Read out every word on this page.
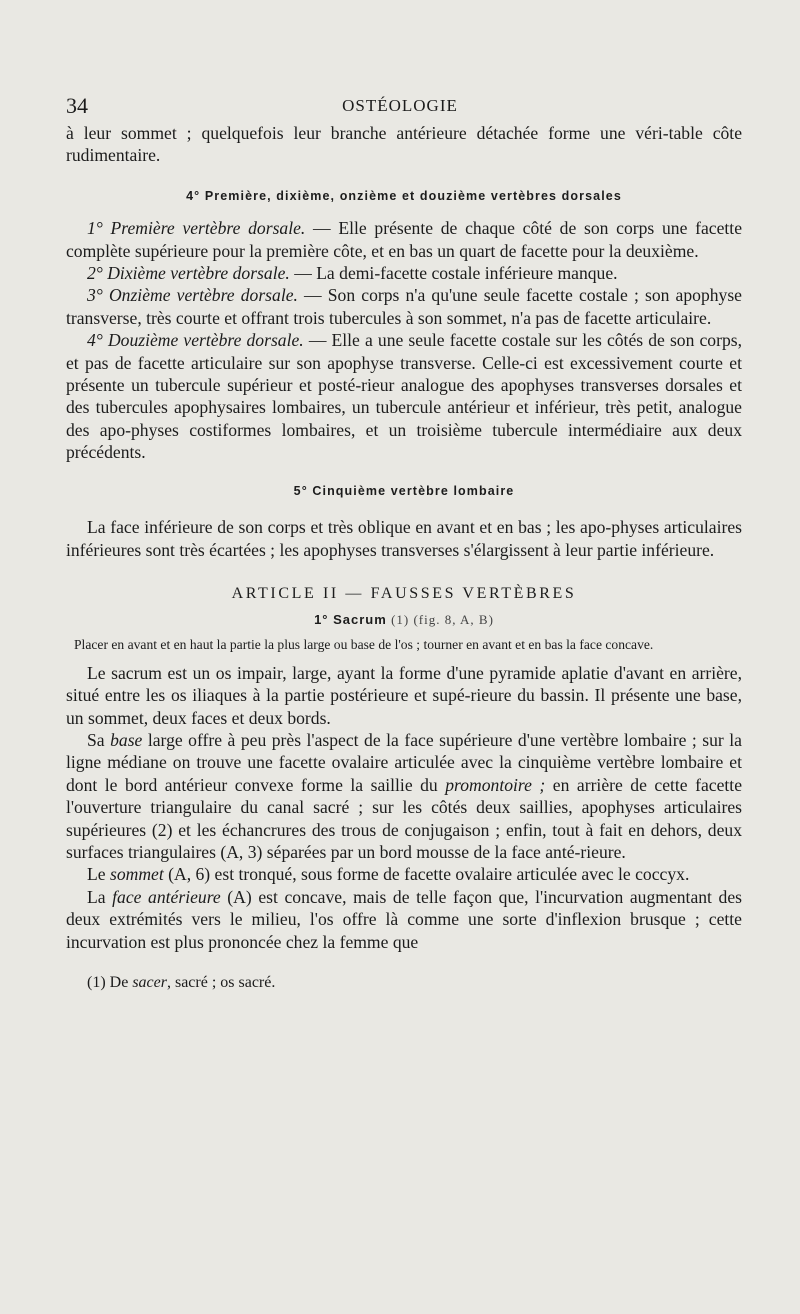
34	OSTÉOLOGIE

à leur sommet ; quelquefois leur branche antérieure détachée forme une véri-table côte rudimentaire.

4° Première, dixième, onzième et douzième vertèbres dorsales

1° Première vertèbre dorsale. — Elle présente de chaque côté de son corps une facette complète supérieure pour la première côte, et en bas un quart de facette pour la deuxième.

2° Dixième vertèbre dorsale. — La demi-facette costale inférieure manque.

3° Onzième vertèbre dorsale. — Son corps n'a qu'une seule facette costale ; son apophyse transverse, très courte et offrant trois tubercules à son sommet, n'a pas de facette articulaire.

4° Douzième vertèbre dorsale. — Elle a une seule facette costale sur les côtés de son corps, et pas de facette articulaire sur son apophyse transverse. Celle-ci est excessivement courte et présente un tubercule supérieur et posté-rieur analogue des apophyses transverses dorsales et des tubercules apophysaires lombaires, un tubercule antérieur et inférieur, très petit, analogue des apo-physes costiformes lombaires, et un troisième tubercule intermédiaire aux deux précédents.

5° Cinquième vertèbre lombaire

La face inférieure de son corps et très oblique en avant et en bas ; les apo-physes articulaires inférieures sont très écartées ; les apophyses transverses s'élargissent à leur partie inférieure.

ARTICLE II — FAUSSES VERTÈBRES

1° Sacrum (1) (fig. 8, A, B)

Placer en avant et en haut la partie la plus large ou base de l'os ; tourner en avant et en bas la face concave.

Le sacrum est un os impair, large, ayant la forme d'une pyramide aplatie d'avant en arrière, situé entre les os iliaques à la partie postérieure et supé-rieure du bassin. Il présente une base, un sommet, deux faces et deux bords.

Sa base large offre à peu près l'aspect de la face supérieure d'une vertèbre lombaire ; sur la ligne médiane on trouve une facette ovalaire articulée avec la cinquième vertèbre lombaire et dont le bord antérieur convexe forme la saillie du promontoire ; en arrière de cette facette l'ouverture triangulaire du canal sacré ; sur les côtés deux saillies, apophyses articulaires supérieures (2) et les échancrures des trous de conjugaison ; enfin, tout à fait en dehors, deux surfaces triangulaires (A, 3) séparées par un bord mousse de la face anté-rieure.

Le sommet (A, 6) est tronqué, sous forme de facette ovalaire articulée avec le coccyx.

La face antérieure (A) est concave, mais de telle façon que, l'incurvation augmentant des deux extrémités vers le milieu, l'os offre là comme une sorte d'inflexion brusque ; cette incurvation est plus prononcée chez la femme que

(1) De sacer, sacré ; os sacré.
